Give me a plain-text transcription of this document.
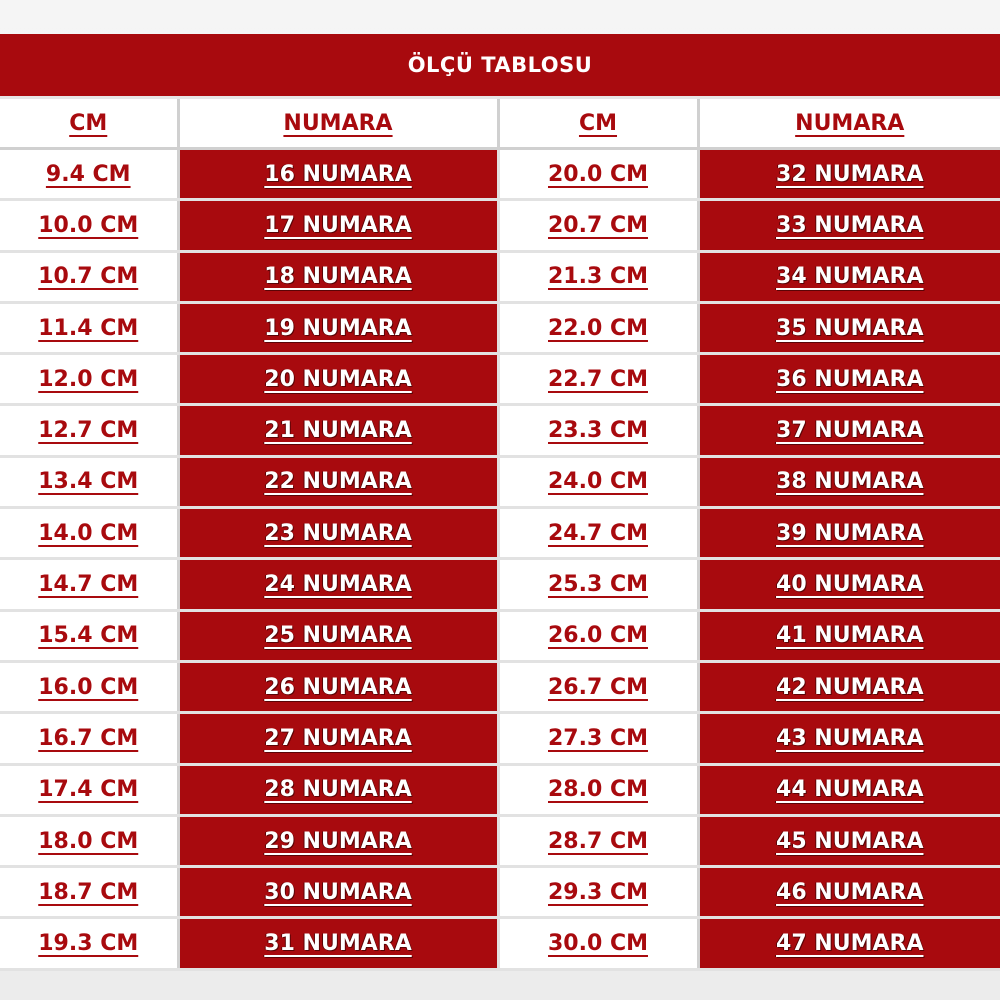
ÖLÇÜ TABLOSU			
CM	NUMARA	CM	NUMARA
9.4 CM	16 NUMARA	20.0 CM	32 NUMARA
10.0 CM	17 NUMARA	20.7 CM	33 NUMARA
10.7 CM	18 NUMARA	21.3 CM	34 NUMARA
11.4 CM	19 NUMARA	22.0 CM	35 NUMARA
12.0 CM	20 NUMARA	22.7 CM	36 NUMARA
12.7 CM	21 NUMARA	23.3 CM	37 NUMARA
13.4 CM	22 NUMARA	24.0 CM	38 NUMARA
14.0 CM	23 NUMARA	24.7 CM	39 NUMARA
14.7 CM	24 NUMARA	25.3 CM	40 NUMARA
15.4 CM	25 NUMARA	26.0 CM	41 NUMARA
16.0 CM	26 NUMARA	26.7 CM	42 NUMARA
16.7 CM	27 NUMARA	27.3 CM	43 NUMARA
17.4 CM	28 NUMARA	28.0 CM	44 NUMARA
18.0 CM	29 NUMARA	28.7 CM	45 NUMARA
18.7 CM	30 NUMARA	29.3 CM	46 NUMARA
19.3 CM	31 NUMARA	30.0 CM	47 NUMARA
